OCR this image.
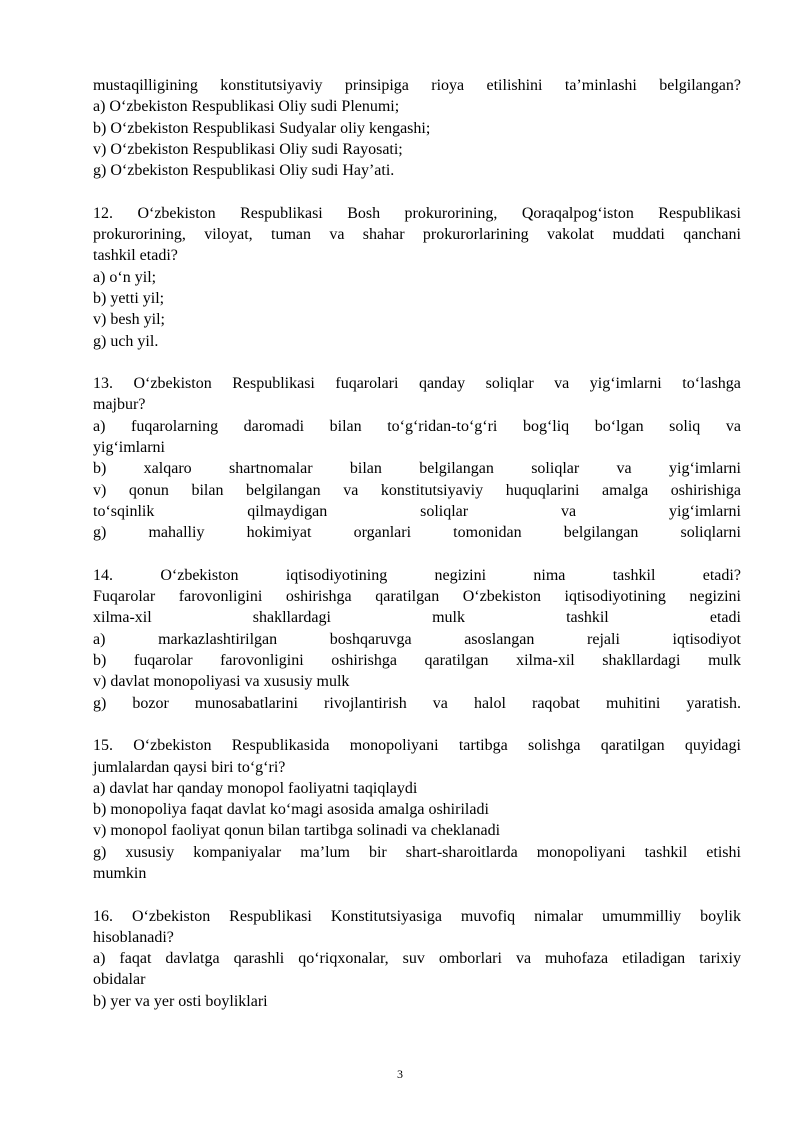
mustaqilligining konstitutsiyaviy prinsipiga rioya etilishini ta’minlashi belgilangan?
a) O‘zbekiston Respublikasi Oliy sudi Plenumi;
b) O‘zbekiston Respublikasi Sudyalar oliy kengashi;
v) O‘zbekiston Respublikasi Oliy sudi Rayosati;
g) O‘zbekiston Respublikasi Oliy sudi Hay’ati.
12. O‘zbekiston Respublikasi Bosh prokurorining, Qoraqalpog‘iston Respublikasi
prokurorining, viloyat, tuman va shahar prokurorlarining vakolat muddati qanchani
tashkil etadi?
a) o‘n yil;
b) yetti yil;
v) besh yil;
g) uch yil.
13. O‘zbekiston Respublikasi fuqarolari qanday soliqlar va yig‘imlarni to‘lashga
majbur?
a) fuqarolarning daromadi bilan to‘g‘ridan-to‘g‘ri bog‘liq bo‘lgan soliq va
yig‘imlarni
b) xalqaro shartnomalar bilan belgilangan soliqlar va yig‘imlarni
v) qonun bilan belgilangan va konstitutsiyaviy huquqlarini amalga oshirishiga
to‘sqinlik	qilmaydigan	soliqlar	va	yig‘imlarni
g)	mahalliy	hokimiyat	organlari	tomonidan	belgilangan	soliqlarni
14.	O‘zbekiston	iqtisodiyotining	negizini	nima	tashkil	etadi?
Fuqarolar farovonligini oshirishga qaratilgan O‘zbekiston iqtisodiyotining negizini
xilma-xil	shakllardagi	mulk	tashkil	etadi
a)	markazlashtirilgan	boshqaruvga	asoslangan	rejali	iqtisodiyot
b) fuqarolar farovonligini oshirishga qaratilgan xilma-xil shakllardagi mulk
v) davlat monopoliyasi va xususiy mulk
g) bozor munosabatlarini rivojlantirish va halol raqobat muhitini yaratish.
15. O‘zbekiston Respublikasida monopoliyani tartibga solishga qaratilgan quyidagi
jumlalardan qaysi biri to‘g‘ri?
a) davlat har qanday monopol faoliyatni taqiqlaydi
b) monopoliya faqat davlat ko‘magi asosida amalga oshiriladi
v) monopol faoliyat qonun bilan tartibga solinadi va cheklanadi
g) xususiy kompaniyalar ma’lum bir shart-sharoitlarda monopoliyani tashkil etishi
mumkin
16. O‘zbekiston Respublikasi Konstitutsiyasiga muvofiq nimalar umummilliy boylik
hisoblanadi?
a) faqat davlatga qarashli qo‘riqxonalar, suv omborlari va muhofaza etiladigan tarixiy
obidalar
b) yer va yer osti boyliklari
3
